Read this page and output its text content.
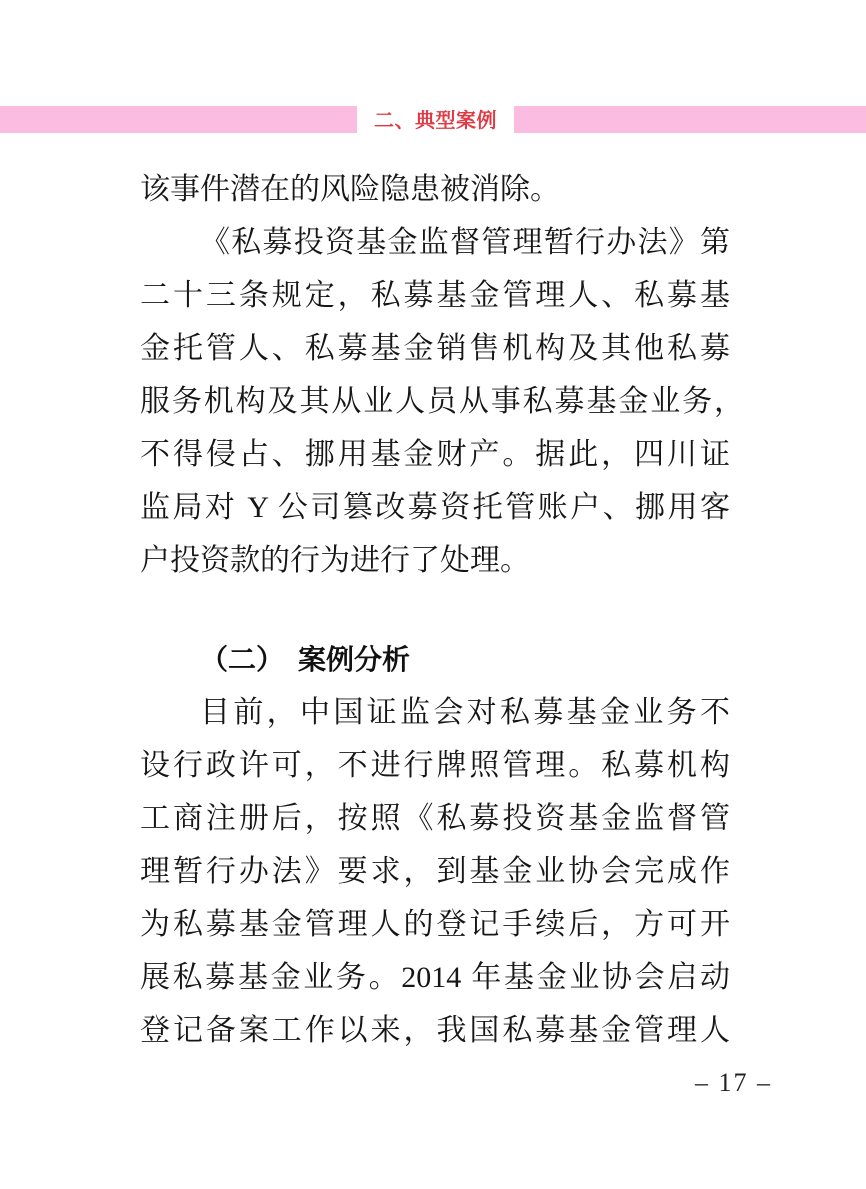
二、典型案例
该事件潜在的风险隐患被消除。
《私募投资基金监督管理暂行办法》第
二十三条规定，私募基金管理人、私募基
金托管人、私募基金销售机构及其他私募
服务机构及其从业人员从事私募基金业务，
不得侵占、挪用基金财产。据此，四川证
监局对 Y 公司篡改募资托管账户、挪用客
户投资款的行为进行了处理。
（二）　案例分析
目前，中国证监会对私募基金业务不
设行政许可，不进行牌照管理。私募机构
工商注册后，按照《私募投资基金监督管
理暂行办法》要求，到基金业协会完成作
为私募基金管理人的登记手续后，方可开
展私募基金业务。2014 年基金业协会启动
登记备案工作以来，我国私募基金管理人
– 17 –
